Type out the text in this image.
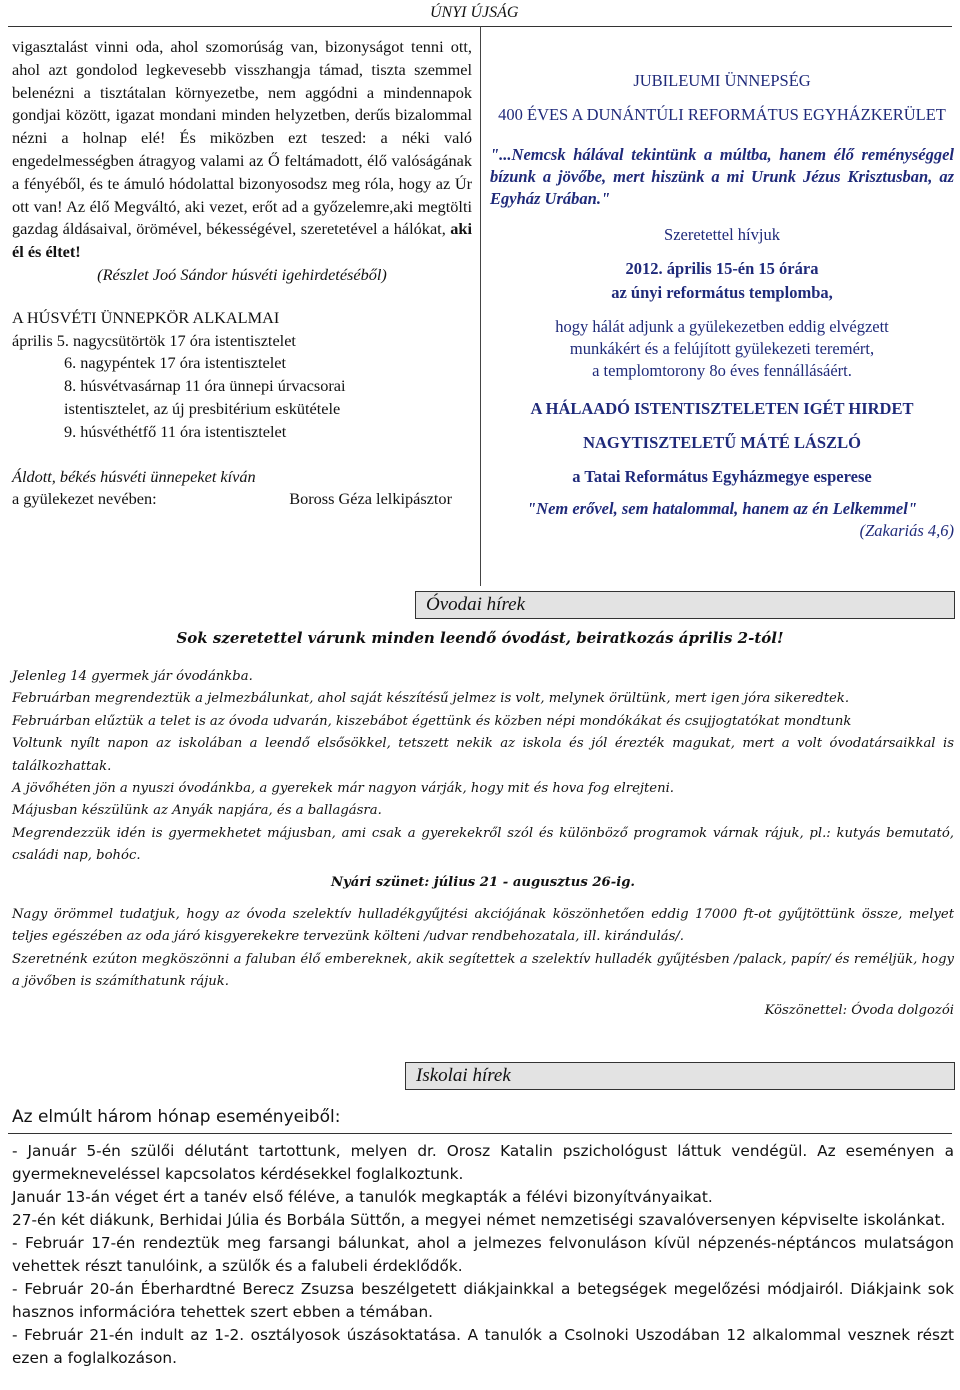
ÚNYI ÚJSÁG

vigasztalást vinni oda, ahol szomorúság van, bizonyságot tenni ott, ahol azt gondolod legkevesebb visszhangja támad, tiszta szemmel belenézni a tisztátalan környezetbe, nem aggódni a mindennapok gondjai között, igazat mondani minden helyzetben, derűs bizalommal nézni a holnap elé! És miközben ezt teszed: a néki való engedelmességben átragyog valami az Ő feltámadott, élő valóságának a fényéből, és te ámuló hódolattal bizonyosodsz meg róla, hogy az Úr ott van! Az élő Megváltó, aki vezet, erőt ad a győzelemre,aki megtölti gazdag áldásaival, örömével, békességével, szeretetével a hálókat, aki él és éltet!

(Részlet Joó Sándor húsvéti igehirdetéséből)

A HÚSVÉTI ÜNNEPKÖR ALKALMAI
április 5. nagycsütörtök 17 óra istentisztelet
6. nagypéntek 17 óra istentisztelet
8. húsvétvasárnap 11 óra ünnepi úrvacsorai
istentisztelet, az új presbitérium eskütétele
9. húsvéthétfő 11 óra istentisztelet
Áldott, békés húsvéti ünnepeket kíván
a gyülekezet nevében:	Boross Géza lelkipásztor

JUBILEUMI ÜNNEPSÉG

400 ÉVES A DUNÁNTÚLI REFORMÁTUS EGYHÁZKERÜLET

"...Nemcsk hálával tekintünk a múltba, hanem élő reménységgel bízunk a jövőbe, mert hiszünk a mi Urunk Jézus Krisztusban, az Egyház Urában."

Szeretettel hívjuk

2012. április 15-én 15 órára

az únyi református templomba,

hogy hálát adjunk a gyülekezetben eddig elvégzett

munkákért és a felújított gyülekezeti teremért,

a templomtorony 8o éves fennállásáért.

A HÁLAADÓ ISTENTISZTELETEN IGÉT HIRDET

NAGYTISZTELETŰ MÁTÉ LÁSZLÓ

a Tatai Református Egyházmegye esperese

"Nem erővel, sem hatalommal, hanem az én Lelkemmel"

(Zakariás 4,6)

Óvodai hírek
Sok szeretettel várunk minden leendő óvodást, beiratkozás április 2-tól!

Jelenleg 14 gyermek jár óvodánkba.

Februárban megrendeztük a jelmezbálunkat, ahol saját készítésű jelmez is volt, melynek örültünk, mert igen jóra sikeredtek.

Februárban elűztük a telet is az óvoda udvarán, kiszebábot égettünk és közben népi mondókákat és csujjogtatókat mondtunk

Voltunk nyílt napon az iskolában a leendő elsősökkel, tetszett nekik az iskola és jól érezték magukat, mert a volt óvodatársaikkal is találkozhattak.

A jövőhéten jön a nyuszi óvodánkba, a gyerekek már nagyon várják, hogy mit és hova fog elrejteni.

Májusban készülünk az Anyák napjára, és a ballagásra.

Megrendezzük idén is gyermekhetet májusban, ami csak a gyerekekről szól és különböző programok várnak rájuk, pl.: kutyás bemutató, családi nap, bohóc.

Nyári szünet: július 21 - augusztus 26-ig.

Nagy örömmel tudatjuk, hogy az óvoda szelektív hulladékgyűjtési akciójának köszönhetően eddig 17000 ft-ot gyűjtöttünk össze, melyet teljes egészében az oda járó kisgyerekekre tervezünk költeni /udvar rendbehozatala, ill. kirándulás/.

Szeretnénk ezúton megköszönni a faluban élő embereknek, akik segítettek a szelektív hulladék gyűjtésben /palack, papír/ és reméljük, hogy a jövőben is számíthatunk rájuk.

Köszönettel: Óvoda dolgozói

Iskolai hírek
Az elmúlt három hónap eseményeiből:

- Január 5-én szülői délutánt tartottunk, melyen dr. Orosz Katalin pszichológust láttuk vendégül. Az eseményen a gyermekneveléssel kapcsolatos kérdésekkel foglalkoztunk.

Január 13-án véget ért a tanév első féléve, a tanulók megkapták a félévi bizonyítványaikat.

27-én két diákunk, Berhidai Júlia és Borbála Süttőn, a megyei német nemzetiségi szavalóversenyen képviselte iskolánkat.

- Február 17-én rendeztük meg farsangi bálunkat, ahol a jelmezes felvonuláson kívül népzenés-néptáncos mulatságon vehettek részt tanulóink, a szülők és a falubeli érdeklődők.

- Február 20-án Éberhardtné Berecz Zsuzsa beszélgetett diákjainkkal a betegségek megelőzési módjairól. Diákjaink sok hasznos információra tehettek szert ebben a témában.

- Február 21-én indult az 1-2. osztályosok úszásoktatása. A tanulók a Csolnoki Uszodában 12 alkalommal vesznek részt ezen a foglalkozáson.
